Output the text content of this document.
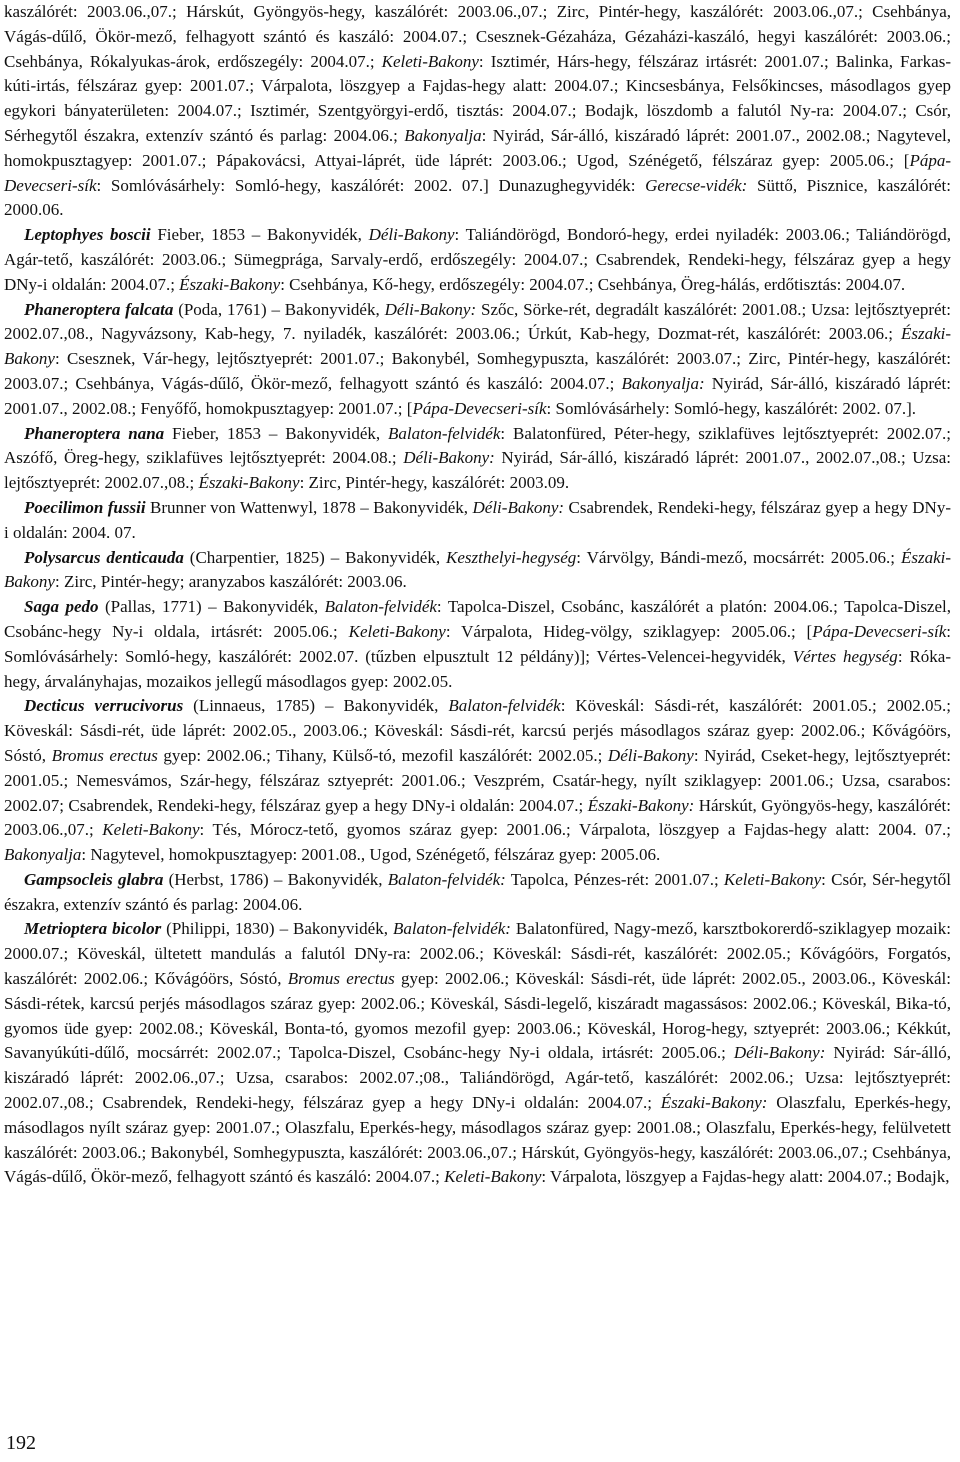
kaszálórét: 2003.06.,07.; Hárskút, Gyöngyös-hegy, kaszálórét: 2003.06.,07.; Zirc, Pintér-hegy, kaszálórét: 2003.06.,07.; Csehbánya, Vágás-dűlő, Ökör-mező, felhagyott szántó és kaszáló: 2004.07.; Csesznek-Gézaháza, Gézaházi-kaszáló, hegyi kaszálórét: 2003.06.; Csehbánya, Rókalyukas-árok, erdőszegély: 2004.07.; Keleti-Bakony: Isztimér, Hárs-hegy, félszáraz irtásrét: 2001.07.; Balinka, Farkas-kúti-irtás, félszáraz gyep: 2001.07.; Várpalota, löszgyep a Fajdas-hegy alatt: 2004.07.; Kincsesbánya, Felsőkincses, másodlagos gyep egykori bányaterületen: 2004.07.; Isztimér, Szentgyörgyi-erdő, tisztás: 2004.07.; Bodajk, löszdomb a falutól Ny-ra: 2004.07.; Csór, Sérhegytől északra, extenzív szántó és parlag: 2004.06.; Bakonyalja: Nyirád, Sár-álló, kiszáradó láprét: 2001.07., 2002.08.; Nagytevel, homokpusztagyep: 2001.07.; Pápakovácsi, Attyai-láprét, üde láprét: 2003.06.; Ugod, Szénégető, félszáraz gyep: 2005.06.; [Pápa-Devecseri-sík: Somlóvásárhely: Somló-hegy, kaszálórét: 2002. 07.] Dunazughegyvidék: Gerecse-vidék: Süttő, Pisznice, kaszálórét: 2000.06.

Leptophyes boscii Fieber, 1853 – Bakonyvidék, Déli-Bakony: Taliándörögd, Bondoró-hegy, erdei nyiladék: 2003.06.; Taliándörögd, Agár-tető, kaszálórét: 2003.06.; Sümegprága, Sarvaly-erdő, erdőszegély: 2004.07.; Csabrendek, Rendeki-hegy, félszáraz gyep a hegy DNy-i oldalán: 2004.07.; Északi-Bakony: Csehbánya, Kő-hegy, erdőszegély: 2004.07.; Csehbánya, Öreg-hálás, erdőtisztás: 2004.07.

Phaneroptera falcata (Poda, 1761) – Bakonyvidék, Déli-Bakony: Szőc, Sörke-rét, degradált kaszálórét: 2001.08.; Uzsa: lejtősztyeprét: 2002.07.,08., Nagyvázsony, Kab-hegy, 7. nyiladék, kaszálórét: 2003.06.; Úrkút, Kab-hegy, Dozmat-rét, kaszálórét: 2003.06.; Északi-Bakony: Csesznek, Vár-hegy, lejtősztyeprét: 2001.07.; Bakonybél, Somhegypuszta, kaszálórét: 2003.07.; Zirc, Pintér-hegy, kaszálórét: 2003.07.; Csehbánya, Vágás-dűlő, Ökör-mező, felhagyott szántó és kaszáló: 2004.07.; Bakonyalja: Nyirád, Sár-álló, kiszáradó láprét: 2001.07., 2002.08.; Fenyőfő, homokpusztagyep: 2001.07.; [Pápa-Devecseri-sík: Somlóvásárhely: Somló-hegy, kaszálórét: 2002. 07.].

Phaneroptera nana Fieber, 1853 – Bakonyvidék, Balaton-felvidék: Balatonfüred, Péter-hegy, sziklafüves lejtősztyeprét: 2002.07.; Aszófő, Öreg-hegy, sziklafüves lejtősztyeprét: 2004.08.; Déli-Bakony: Nyirád, Sár-álló, kiszáradó láprét: 2001.07., 2002.07.,08.; Uzsa: lejtősztyeprét: 2002.07.,08.; Északi-Bakony: Zirc, Pintér-hegy, kaszálórét: 2003.09.

Poecilimon fussii Brunner von Wattenwyl, 1878 – Bakonyvidék, Déli-Bakony: Csabrendek, Rendeki-hegy, félszáraz gyep a hegy DNy-i oldalán: 2004. 07.

Polysarcus denticauda (Charpentier, 1825) – Bakonyvidék, Keszthelyi-hegység: Várvölgy, Bándi-mező, mocsárrét: 2005.06.; Északi-Bakony: Zirc, Pintér-hegy; aranyzabos kaszálórét: 2003.06.

Saga pedo (Pallas, 1771) – Bakonyvidék, Balaton-felvidék: Tapolca-Diszel, Csobánc, kaszálórét a platón: 2004.06.; Tapolca-Diszel, Csobánc-hegy Ny-i oldala, irtásrét: 2005.06.; Keleti-Bakony: Várpalota, Hideg-völgy, sziklagyep: 2005.06.; [Pápa-Devecseri-sík: Somlóvásárhely: Somló-hegy, kaszálórét: 2002.07. (tűzben elpusztult 12 példány)]; Vértes-Velencei-hegyvidék, Vértes hegység: Róka-hegy, árvalányhajas, mozaikos jellegű másodlagos gyep: 2002.05.

Decticus verrucivorus (Linnaeus, 1785) – Bakonyvidék, Balaton-felvidék: Köveskál: Sásdi-rét, kaszálórét: 2001.05.; 2002.05.; Köveskál: Sásdi-rét, üde láprét: 2002.05., 2003.06.; Köveskál: Sásdi-rét, karcsú perjés másodlagos száraz gyep: 2002.06.; Kővágóörs, Sóstó, Bromus erectus gyep: 2002.06.; Tihany, Külső-tó, mezofil kaszálórét: 2002.05.; Déli-Bakony: Nyirád, Cseket-hegy, lejtősztyeprét: 2001.05.; Nemesvámos, Szár-hegy, félszáraz sztyeprét: 2001.06.; Veszprém, Csatár-hegy, nyílt sziklagyep: 2001.06.; Uzsa, csarabos: 2002.07; Csabrendek, Rendeki-hegy, félszáraz gyep a hegy DNy-i oldalán: 2004.07.; Északi-Bakony: Hárskút, Gyöngyös-hegy, kaszálórét: 2003.06.,07.; Keleti-Bakony: Tés, Mórocz-tető, gyomos száraz gyep: 2001.06.; Várpalota, löszgyep a Fajdas-hegy alatt: 2004. 07.; Bakonyalja: Nagytevel, homokpusztagyep: 2001.08., Ugod, Szénégető, félszáraz gyep: 2005.06.

Gampsocleis glabra (Herbst, 1786) – Bakonyvidék, Balaton-felvidék: Tapolca, Pénzes-rét: 2001.07.; Keleti-Bakony: Csór, Sér-hegytől északra, extenzív szántó és parlag: 2004.06.

Metrioptera bicolor (Philippi, 1830) – Bakonyvidék, Balaton-felvidék: Balatonfüred, Nagy-mező, karsztbokorerdő-sziklagyep mozaik: 2000.07.; Köveskál, ültetett mandulás a falutól DNy-ra: 2002.06.; Köveskál: Sásdi-rét, kaszálórét: 2002.05.; Kővágóörs, Forgatós, kaszálórét: 2002.06.; Kővágóörs, Sóstó, Bromus erectus gyep: 2002.06.; Köveskál: Sásdi-rét, üde láprét: 2002.05., 2003.06., Köveskál: Sásdi-rétek, karcsú perjés másodlagos száraz gyep: 2002.06.; Köveskál, Sásdi-legelő, kiszáradt magassásos: 2002.06.; Köveskál, Bika-tó, gyomos üde gyep: 2002.08.; Köveskál, Bonta-tó, gyomos mezofil gyep: 2003.06.; Köveskál, Horog-hegy, sztyeprét: 2003.06.; Kékkút, Savanyúkúti-dűlő, mocsárrét: 2002.07.; Tapolca-Diszel, Csobánc-hegy Ny-i oldala, irtásrét: 2005.06.; Déli-Bakony: Nyirád: Sár-álló, kiszáradó láprét: 2002.06.,07.; Uzsa, csarabos: 2002.07.;08., Taliándörögd, Agár-tető, kaszálórét: 2002.06.; Uzsa: lejtősztyeprét: 2002.07.,08.; Csabrendek, Rendeki-hegy, félszáraz gyep a hegy DNy-i oldalán: 2004.07.; Északi-Bakony: Olaszfalu, Eperkés-hegy, másodlagos nyílt száraz gyep: 2001.07.; Olaszfalu, Eperkés-hegy, másodlagos száraz gyep: 2001.08.; Olaszfalu, Eperkés-hegy, felülvetett kaszálórét: 2003.06.; Bakonybél, Somhegypuszta, kaszálórét: 2003.06.,07.; Hárskút, Gyöngyös-hegy, kaszálórét: 2003.06.,07.; Csehbánya, Vágás-dűlő, Ökör-mező, felhagyott szántó és kaszáló: 2004.07.; Keleti-Bakony: Várpalota, löszgyep a Fajdas-hegy alatt: 2004.07.; Bodajk,

192
